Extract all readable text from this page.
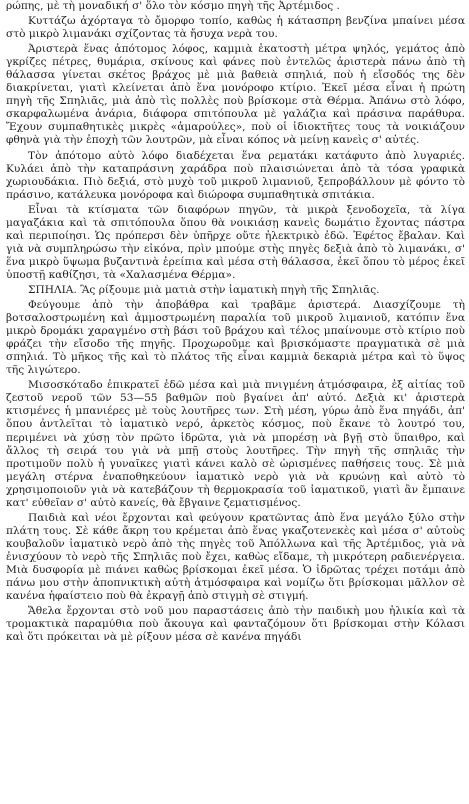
ρώπης, μὲ τὴ μοναδική σ' ὅλο τὸν κόσμο πηγὴ τῆς Ἀρτέμιδος .

Κυττάζω ἀχόρταγα τὸ ὄμορφο τοπίο, καθὼς ἡ κάτασπρη βενζίνα μπαίνει μέσα στὸ μικρὸ λιμανάκι σχίζοντας τὰ ἤσυχα νερὰ του.

Ἀριστερὰ ἕνας ἀπότομος λόφος, καμμιὰ ἑκατοστὴ μέτρα ψηλός, γεμάτος ἀπὸ γκρίζες πέτρες, θυμάρια, σκίνους καὶ φάνες ποὺ ἐντελῶς ἀριστερὰ πάνω ἀπὸ τὴ θάλασσα γίνεται σκέτος βράχος μὲ μιὰ βαθειὰ σπηλιά, ποὺ ἡ εἴσοδός της δὲν διακρίνεται, γιατὶ κλείνεται ἀπὸ ἕνα μονόροφο κτίριο. Ἐκεῖ μέσα εἶναι ἡ πρώτη πηγὴ τῆς Σπηλιᾶς, μιὰ ἀπὸ τὶς πολλὲς ποὺ βρίσκομε στὰ Θέρμα. Ἀπάνω στὸ λόφο, σκαρφαλωμένα ἀνάρια, διάφορα σπιτόπουλα μὲ γαλάζια καὶ πράσινα παράθυρα. Ἔχουν συμπαθητικὲς μικρὲς «ἀμαρούλες», ποὺ οἱ ἰδιοκτῆτες τους τὰ νοικιάζουν φθηνὰ γιὰ τὴν ἐποχὴ τῶν λουτρῶν, μὰ εἶναι κόπος νὰ μείνῃ κανεὶς σ' αὐτές.

Τὸν ἀπότομο αὐτὸ λόφο διαδέχεται ἕνα ρεματάκι κατάφυτο ἀπὸ λυγαριές. Κυλάει ἀπὸ τὴν καταπράσινη χαράδρα ποὺ πλαισιώνεται ἀπὸ τὰ τόσα γραφικὰ χωριουδάκια. Πιὸ δεξιά, στὸ μυχὸ τοῦ μικροῦ λιμανιοῦ, ξεπροβάλλουν μὲ φόντο τὸ πράσινο, κατάλευκα μονόροφα καὶ διώροφα συμπαθητικὰ σπιτάκια.

Εἶναι τὰ κτίσματα τῶν διαφόρων πηγῶν, τὰ μικρὰ ξενοδοχεῖα, τὰ λίγα μαγαζάκια καὶ τὰ σπιτόπουλα ὅπου θὰ νοικιάσῃ κανεὶς δωμάτιο ἔχοντας πάστρα καὶ περιποίησι. Ὡς πρόπερσι δὲν ὑπῆρχε οὔτε ἠλεκτρικὸ ἐδῶ. Ἐφέτος ἔβαλαν. Καὶ γιὰ νὰ συμπληρώσω τὴν εἰκόνα, πρὶν μπούμε στὴς πηγὲς δεξιὰ ἀπὸ τὸ λιμανάκι, σ' ἕνα μικρὸ ὕψωμα βυζαντινὰ ἐρείπια καὶ μέσα στὴ θάλασσα, ἐκεῖ ὅπου τὸ μέρος ἐκεῖ ὑποστῇ καθίζησι, τὰ «Χαλασμένα Θέρμα».

ΣΠΗΛΙΑ. Ἂς ρίξουμε μιὰ ματιὰ στὴν ἰαματικὴ πηγὴ τῆς Σπηλιᾶς.

Φεύγουμε ἀπὸ τὴν ἀποβάθρα καὶ τραβᾶμε ἀριστερά. Διασχίζουμε τὴ βοτσαλοστρωμένη καὶ ἀμμοστρωμένη παραλία τοῦ μικροῦ λιμανιοῦ, κατόπιν ἕνα μικρὸ δρομάκι χαραγμένο στὴ βάσι τοῦ βράχου καὶ τέλος μπαίνουμε στὸ κτίριο ποὺ φράζει τὴν εἴσοδο τῆς πηγῆς. Προχωροῦμε καὶ βρισκόμαστε πραγματικὰ σὲ μιὰ σπηλιά. Τὸ μῆκος τῆς καὶ τὸ πλάτος τῆς εἶναι καμμιὰ δεκαριὰ μέτρα καὶ τὸ ὕψος τῆς λιγώτερο.

Μισοσκόταδο ἐπικρατεῖ ἐδῶ μέσα καὶ μιὰ πνιγμένη ἀτμόσφαιρα, ἐξ αἰτίας τοῦ ζεστοῦ νεροῦ τῶν 53—55 βαθμῶν ποὺ βγαίνει ἀπ' αὐτό. Δεξιὰ κι' ἀριστερὰ κτισμένες ἡ μπανιέρες μὲ τοὺς λουτῆρες των. Στὴ μέση, γύρω ἀπὸ ἕνα πηγάδι, ἀπ' ὅπου ἀντλεῖται τὸ ἰαματικὸ νερό, ἀρκετὸς κόσμος, ποὺ ἔκανε τὸ λουτρό του, περιμένει νὰ χύσῃ τὸν πρῶτο ἱδρῶτα, γιὰ νὰ μπορέσῃ νὰ βγῇ στὸ ὕπαιθρο, καὶ ἄλλος τὴ σειρά του γιὰ νὰ μπῇ στοὺς λουτῆρες. Τὴν πηγὴ τῆς σπηλιᾶς τὴν προτιμοῦν πολὺ ἡ γυναῖκες γιατὶ κάνει καλὸ σὲ ὡρισμένες παθήσεις τους. Σὲ μιὰ μεγάλη στέρνα ἐναποθηκεύουν ἰαματικὸ νερὸ γιὰ νὰ κρυώνῃ καὶ αὐτὸ τὸ χρησιμοποιοῦν γιὰ νὰ κατεβάζουν τὴ θερμοκρασία τοῦ ἰαματικοῦ, γιατὶ ἂν ἔμπαινε κατ' εὐθεῖαν σ' αὐτὸ κανείς, θὰ ἔβγαινε ζεματισμένος.

Παιδιὰ καὶ νέοι ἔρχονται καὶ φεύγουν κρατῶντας ἀπὸ ἕνα μεγάλο ξύλο στὴν πλάτη τους. Σὲ κάθε ἄκρη του κρέμεται ἀπὸ ἕνας γκαζοτενεκὲς καὶ μέσα σ' αὐτοὺς κουβαλοῦν ἰαματικὸ νερὸ ἀπὸ τὴς πηγὲς τοῦ Ἀπόλλωνα καὶ τῆς Ἀρτέμιδος, γιὰ νὰ ἐνισχύουν τὸ νερὸ τῆς Σπηλιᾶς ποὺ ἔχει, καθὼς εἴδαμε, τὴ μικρότερη ραδιενέργεια. Μιὰ δυσφορία μὲ πιάνει καθὼς βρίσκομαι ἐκεῖ μέσα. Ὁ ἱδρῶτας τρέχει ποτάμι ἀπὸ πάνω μου στὴν ἀποπνικτικὴ αὐτὴ ἀτμόσφαιρα καὶ νομίζω ὅτι βρίσκομαι μᾶλλον σὲ κανένα ἡφαίστειο ποὺ θὰ ἐκραγῇ ἀπὸ στιγμὴ σὲ στιγμή.

Ἄθελα ἔρχονται στὸ νοῦ μου παραστάσεις ἀπὸ τὴν παιδικὴ μου ἡλικία καὶ τὰ τρομακτικὰ παραμύθια ποὺ ἄκουγα καὶ φανταζόμουν ὅτι βρίσκομαι στὴν Κόλασι καὶ ὅτι πρόκειται νὰ μὲ ρίξουν μέσα σὲ κανένα πηγάδι
